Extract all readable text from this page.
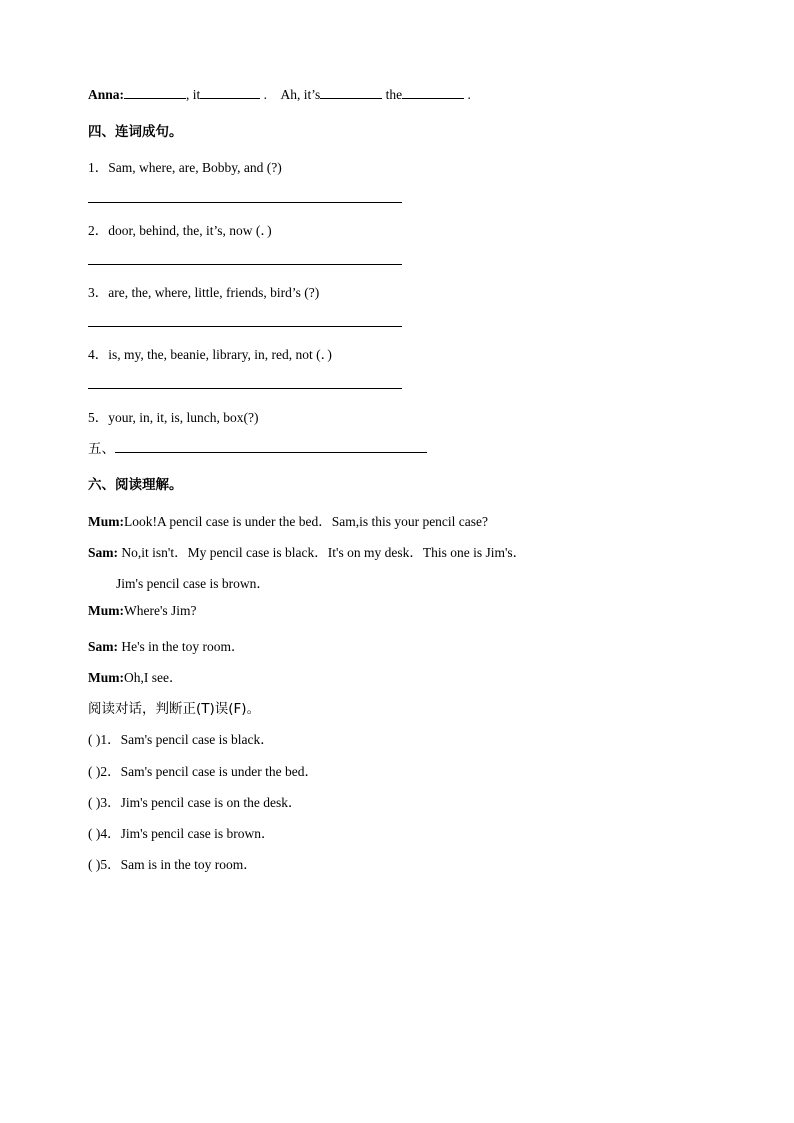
Anna:	, it	. Ah, it’s	the	.
四、连词成句。
1．Sam, where, are, Bobby, and (?)
2．door, behind, the, it’s, now (．)
3．are, the, where, little, friends, bird’s (?)
4．is, my, the, beanie, library, in, red, not (．)
5．your, in, it, is, lunch, box(?)
五、
六、阅读理解。
Mum:Look!A pencil case is under the bed．Sam,is this your pencil case?
Sam: No,it isn't．My pencil case is black．It's on my desk．This one is Jim's．
Jim's pencil case is brown．
Mum:Where's Jim?
Sam: He's in the toy room．
Mum:Oh,I see．
阅读对话，判断正(T)误(F)。
( )1．Sam's pencil case is black．
( )2．Sam's pencil case is under the bed．
( )3．Jim's pencil case is on the desk．
( )4．Jim's pencil case is brown．
( )5．Sam is in the toy room．
